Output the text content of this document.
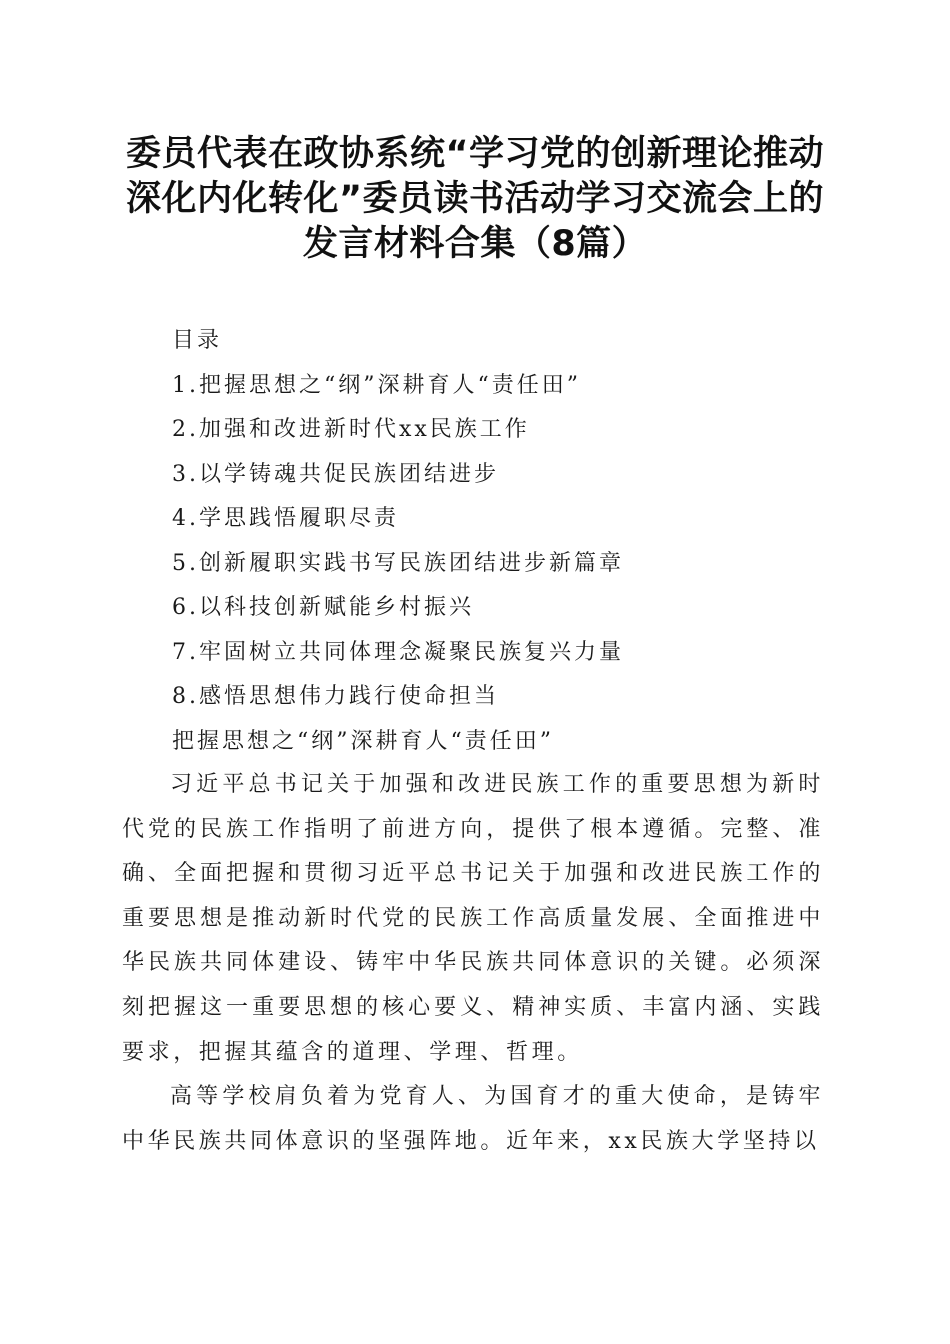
委员代表在政协系统“学习党的创新理论推动
深化内化转化”委员读书活动学习交流会上的
发言材料合集（8篇）
目录
1.把握思想之“纲”深耕育人“责任田”
2.加强和改进新时代xx民族工作
3.以学铸魂共促民族团结进步
4.学思践悟履职尽责
5.创新履职实践书写民族团结进步新篇章
6.以科技创新赋能乡村振兴
7.牢固树立共同体理念凝聚民族复兴力量
8.感悟思想伟力践行使命担当
把握思想之“纲”深耕育人“责任田”

习近平总书记关于加强和改进民族工作的重要思想为新时代党的民族工作指明了前进方向，提供了根本遵循。完整、准确、全面把握和贯彻习近平总书记关于加强和改进民族工作的重要思想是推动新时代党的民族工作高质量发展、全面推进中华民族共同体建设、铸牢中华民族共同体意识的关键。必须深刻把握这一重要思想的核心要义、精神实质、丰富内涵、实践要求，把握其蕴含的道理、学理、哲理。

高等学校肩负着为党育人、为国育才的重大使命，是铸牢中华民族共同体意识的坚强阵地。近年来，xx民族大学坚持以
